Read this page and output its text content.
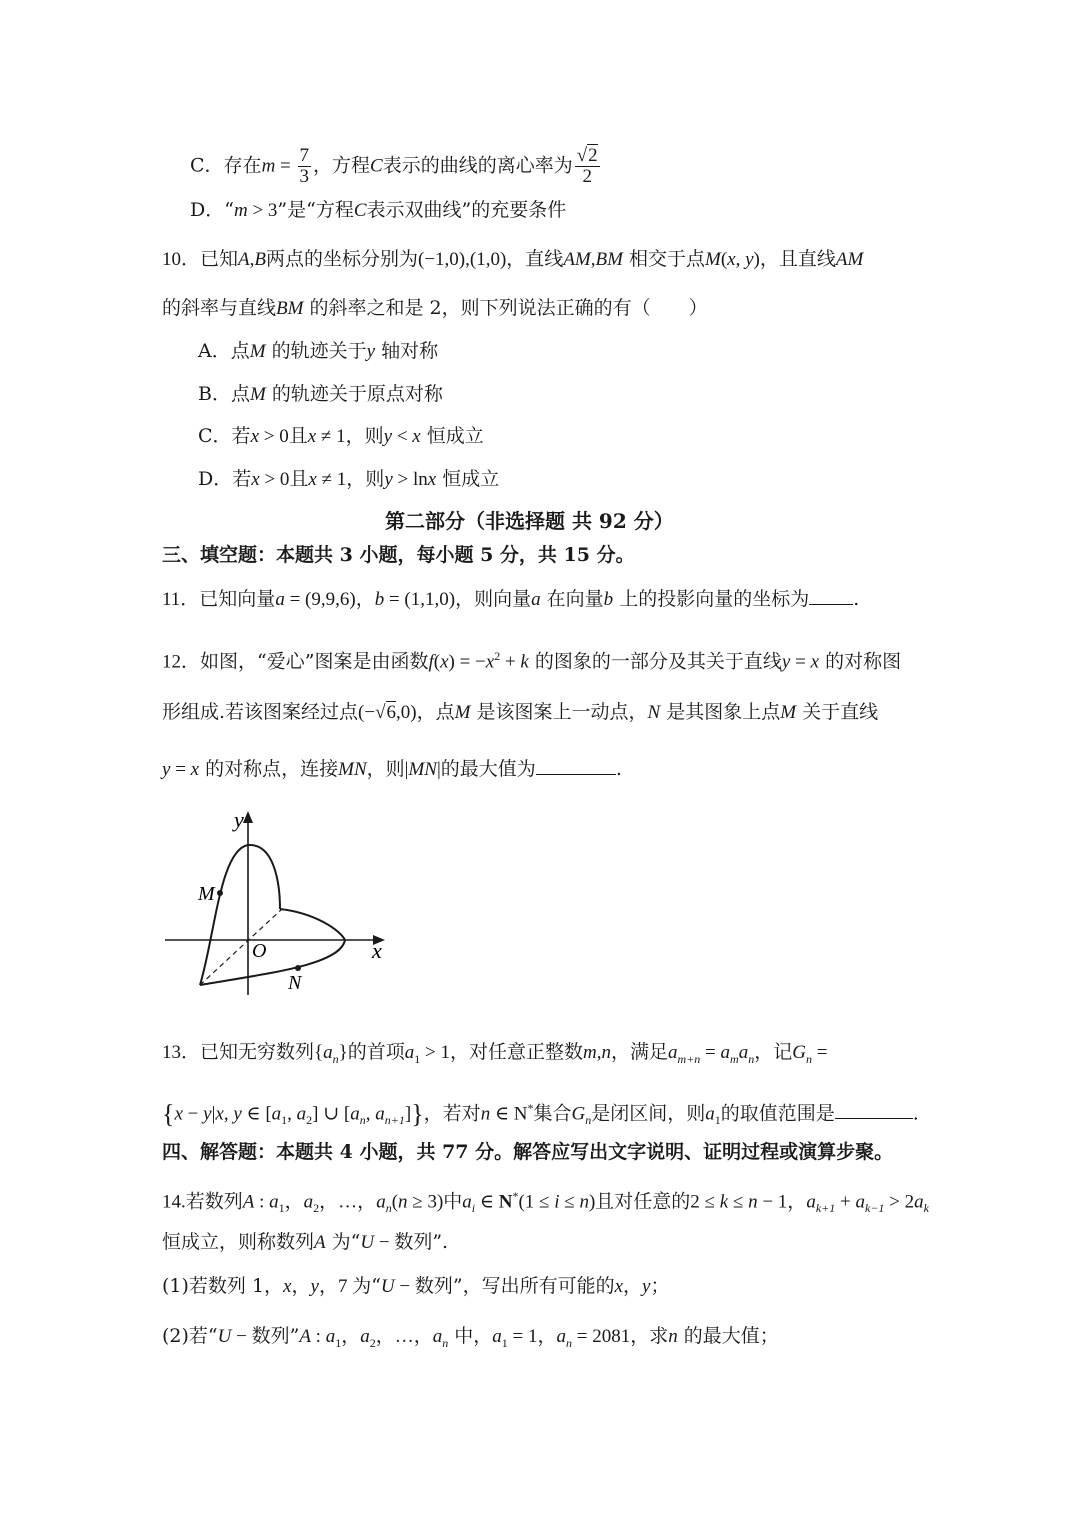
C．存在$m = \frac{7}{3}$ ，方程C表示的曲线的离心率为 $\frac{√2}{2}$
D．“m > 3”是“方程C表示双曲线”的充要条件
10．已知A,B两点的坐标分别为(−1,0),(1,0)，直线AM,BM 相交于点M(x, y)，且直线AM
的斜率与直线BM 的斜率之和是 2，则下列说法正确的有（　　）
A．点M 的轨迹关于y 轴对称
B．点M 的轨迹关于原点对称
C．若x > 0且x ≠ 1，则y < x 恒成立
D．若x > 0且x ≠ 1，则y > lnx 恒成立
第二部分（非选择题 共 92 分）
三、填空题：本题共 3 小题，每小题 5 分，共 15 分。
11．已知向量a = (9,9,6)，b = (1,1,0)，则向量a 在向量b 上的投影向量的坐标为 .
12．如图，“爱心”图案是由函数$f(x) = -x^2 + k$ 的图象的一部分及其关于直线y = x 的对称图
形组成.若该图案经过点(−√6,0)，点M 是该图案上一动点，N 是其图象上点M 关于直线
y = x 的对称点，连接MN，则|MN|的最大值为	.
y
x
O
M
N
13．已知无穷数列$\{a_n\}$的首项$a_1 > 1$，对任意正整数m,n，满足$a_{m+n} = a_ma_n$，记$G_n$ =
{x − y|x, y ∈ [$a_1$, $a_2$] ∪ [$a_n$, $a_{n+1}$]}，若对n ∈ N*集合$G_n$是闭区间，则$a_1$的取值范围是	.
四、解答题：本题共 4 小题，共 77 分。解答应写出文字说明、证明过程或演算步聚。
14.若数列A : $a_1$，$a_2$，…，$a_n(n \ge 3)$中$a_i$ ∈ N*(1 ≤ i ≤ n)且对任意的2 ≤ k ≤ n − 1，$a_{k+1} + a_{k-1} > 2a_k$
恒成立，则称数列A 为“U − 数列”.
(1)若数列 1，x，y，7 为“U − 数列”，写出所有可能的x，y；
(2)若“U − 数列”A : $a_1$，$a_2$，…，$a_n$ 中，$a_1 = 1$，$a_n = 2081$，求n 的最大值；
